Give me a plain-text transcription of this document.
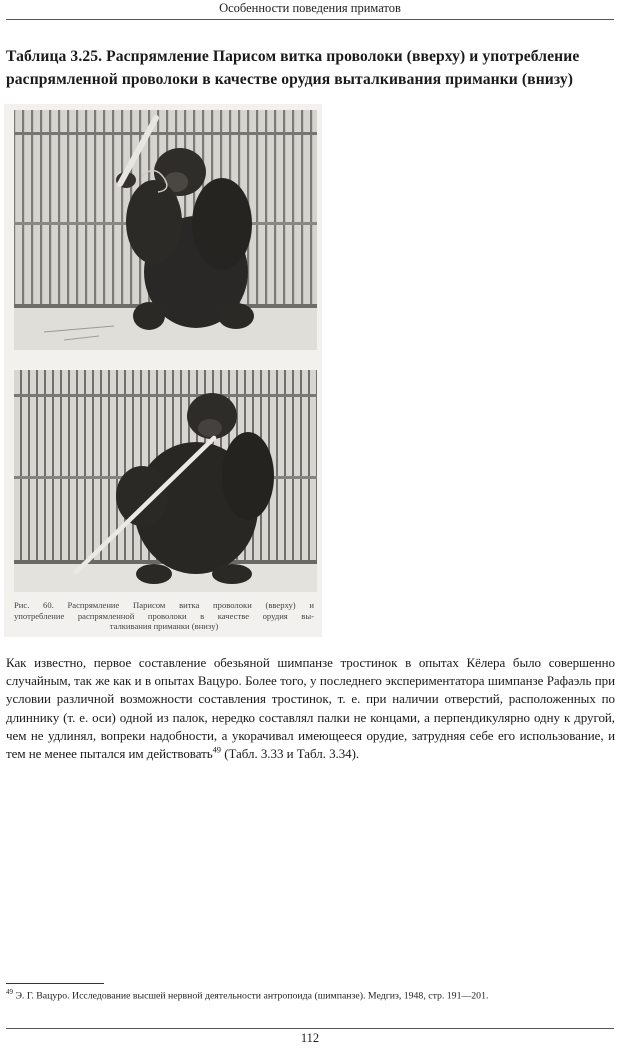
Особенности поведения приматов
Таблица 3.25. Распрямление Парисом витка проволоки (вверху) и употребление распрямленной проволоки в качестве орудия выталкивания приманки (внизу)
Рис. 60. Распрямление Парисом витка проволоки (вверху) и
употребление распрямленной проволоки в качестве орудия вы-
талкивания приманки (внизу)

Как известно, первое составление обезьяной шимпанзе тростинок в опытах Кёлера было совершенно случайным, так же как и в опытах Вацуро. Более того, у последнего экспериментатора шимпанзе Рафаэль при условии различной возможности составления тростинок, т. е. при наличии отверстий, расположенных по длиннику (т. е. оси) одной из палок, нередко составлял палки не концами, а перпендикулярно одну к другой, чем не удлинял, вопреки надобности, а укорачивал имеющееся орудие, затрудняя себе его использование, и тем не менее пытался им действовать$^{49}$ (Табл. 3.33 и Табл. 3.34).

$^{49}$ Э. Г. Вацуро. Исследование высшей нервной деятельности антропоида (шимпанзе). Медгиз, 1948, стр. 191—201.
112
